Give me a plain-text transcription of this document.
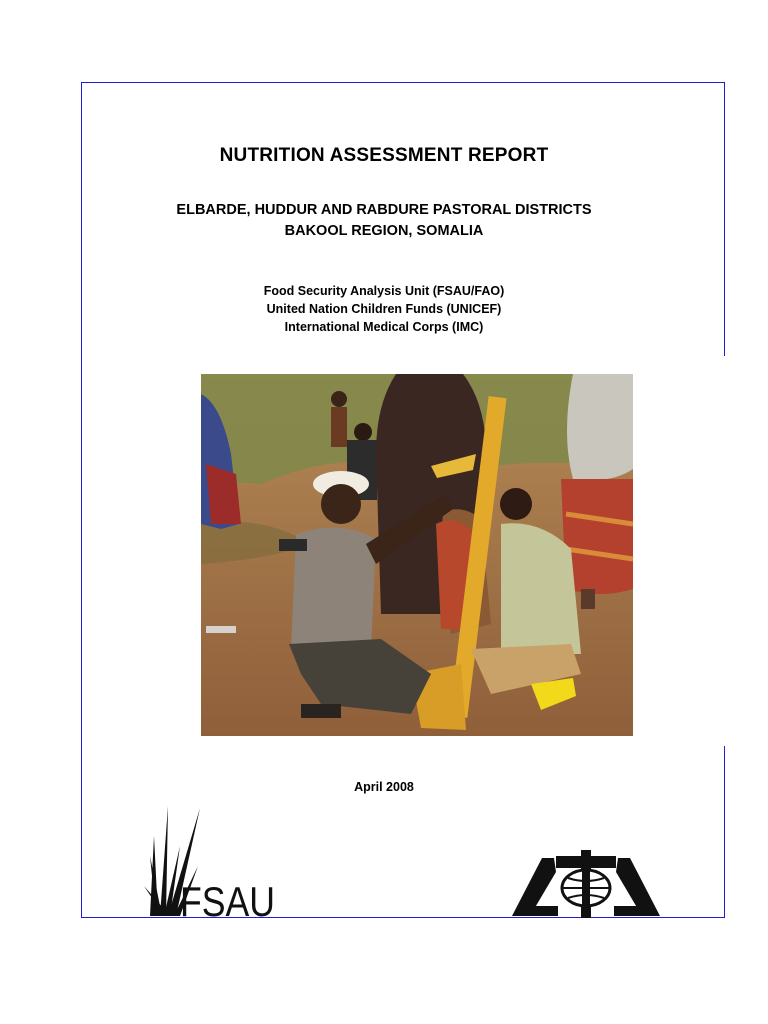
NUTRITION ASSESSMENT REPORT

ELBARDE, HUDDUR AND RABDURE PASTORAL DISTRICTS

BAKOOL REGION, SOMALIA

Food Security Analysis Unit (FSAU/FAO)

United Nation Children Funds (UNICEF)

International Medical Corps (IMC)

April 2008

FSAU
